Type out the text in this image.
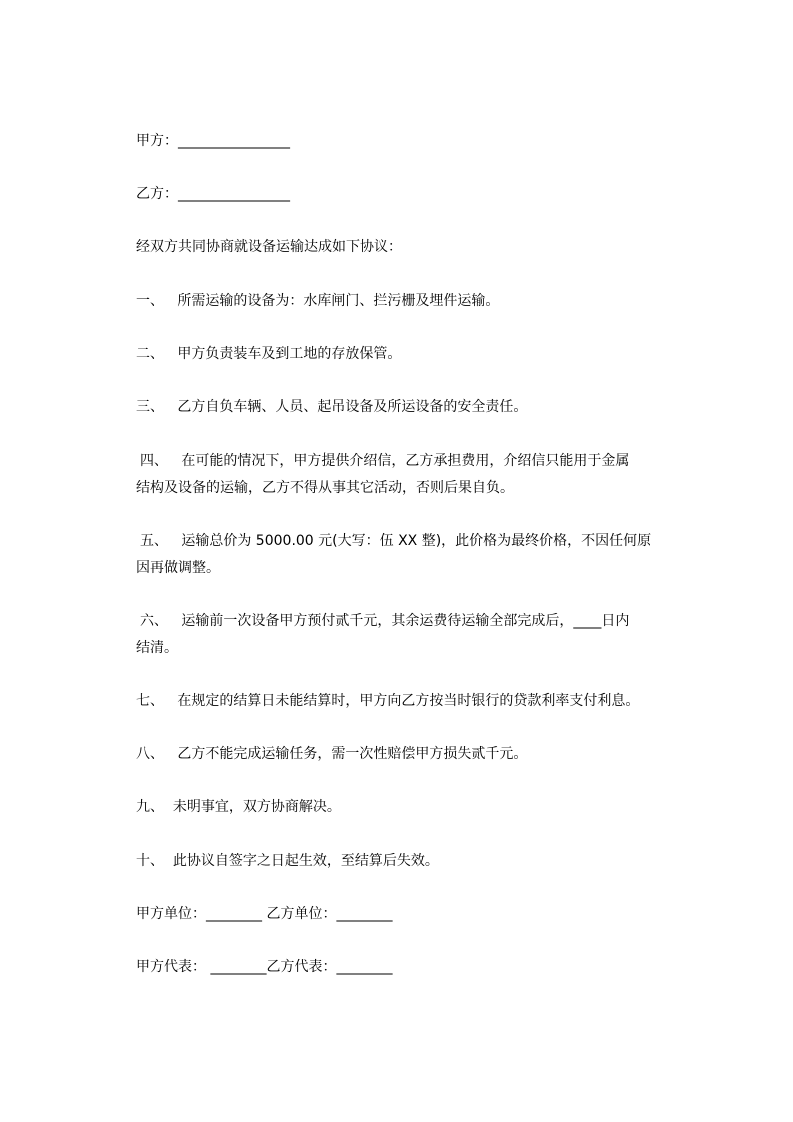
甲方：________________
乙方：________________
经双方共同协商就设备运输达成如下协议：
一、 所需运输的设备为：水库闸门、拦污栅及埋件运输。
二、 甲方负责装车及到工地的存放保管。
三、 乙方自负车辆、人员、起吊设备及所运设备的安全责任。
四、 在可能的情况下，甲方提供介绍信，乙方承担费用，介绍信只能用于金属
结构及设备的运输，乙方不得从事其它活动，否则后果自负。
五、 运输总价为 5000.00 元(大写：伍 XX 整)，此价格为最终价格，不因任何原
因再做调整。
六、 运输前一次设备甲方预付贰千元，其余运费待运输全部完成后，____日内
结清。
七、 在规定的结算日未能结算时，甲方向乙方按当时银行的贷款利率支付利息。
八、 乙方不能完成运输任务，需一次性赔偿甲方损失贰千元。
九、 未明事宜，双方协商解决。
十、 此协议自签字之日起生效，至结算后失效。
甲方单位：________ 乙方单位：________
甲方代表： ________乙方代表：________
